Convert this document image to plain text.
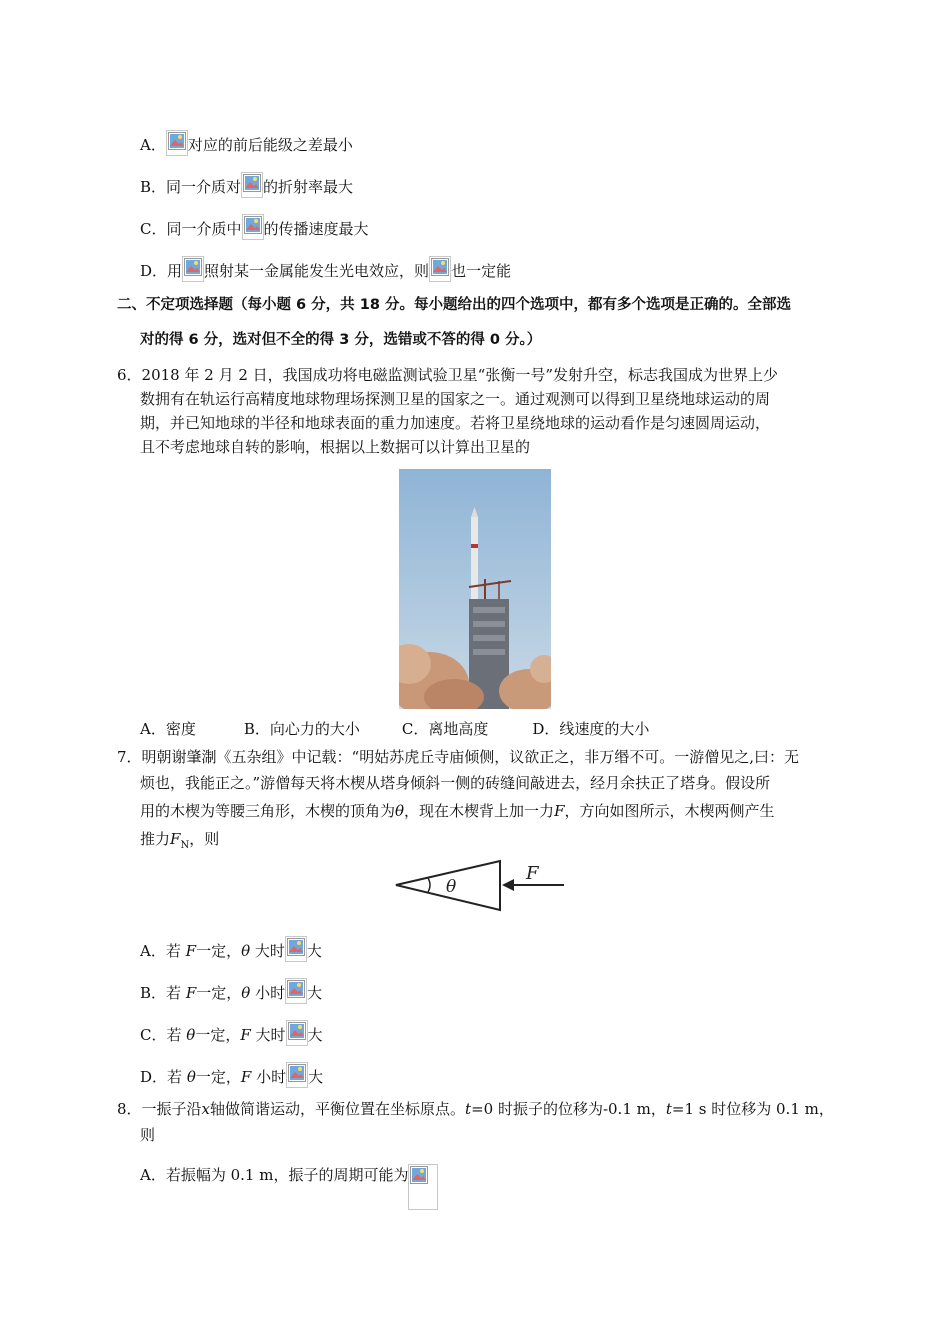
A． 对应的前后能级之差最小
B．同一介质对 的折射率最大
C．同一介质中 的传播速度最大
D．用 照射某一金属能发生光电效应，则 也一定能
二、不定项选择题（每小题 6 分，共 18 分。每小题给出的四个选项中，都有多个选项是正确的。全部选
对的得 6 分，选对但不全的得 3 分，选错或不答的得 0 分。）
6．2018 年 2 月 2 日，我国成功将电磁监测试验卫星“张衡一号”发射升空，标志我国成为世界上少
数拥有在轨运行高精度地球物理场探测卫星的国家之一。通过观测可以得到卫星绕地球运动的周
期，并已知地球的半径和地球表面的重力加速度。若将卫星绕地球的运动看作是匀速圆周运动，
且不考虑地球自转的影响，根据以上数据可以计算出卫星的
A．密度	B．向心力的大小	C．离地高度	D．线速度的大小
7．明朝谢肇淛《五杂组》中记载：“明姑苏虎丘寺庙倾侧，议欲正之，非万缗不可。一游僧见之,曰：无
烦也，我能正之。”游僧每天将木楔从塔身倾斜一侧的砖缝间敲进去，经月余扶正了塔身。假设所
用的木楔为等腰三角形，木楔的顶角为θ，现在木楔背上加一力F，方向如图所示，木楔两侧产生
推力$F_N$，则
θ
F
A．若 F一定，θ 大时 大
B．若 F一定，θ 小时 大
C．若 θ一定，F 大时 大
D．若 θ一定，F 小时 大
8．一振子沿x轴做简谐运动，平衡位置在坐标原点。t=0 时振子的位移为-0.1 m，t=1 s 时位移为 0.1 m，
则
A．若振幅为 0.1 m，振子的周期可能为
